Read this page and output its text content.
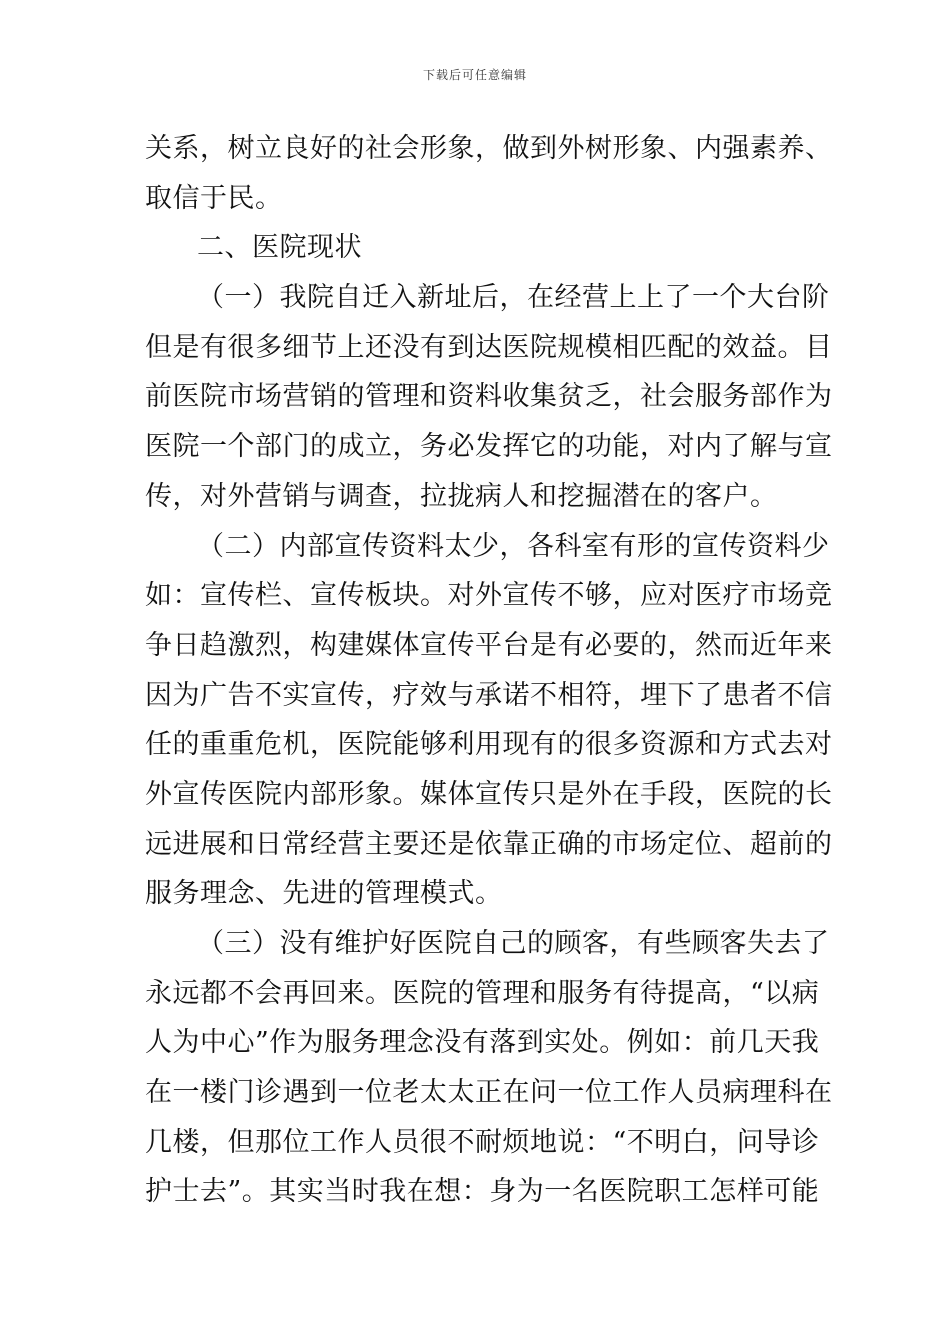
下载后可任意编辑
关系，树立良好的社会形象，做到外树形象、内强素养、
取信于民。
二、医院现状
（一）我院自迁入新址后，在经营上上了一个大台阶
但是有很多细节上还没有到达医院规模相匹配的效益。目
前医院市场营销的管理和资料收集贫乏，社会服务部作为
医院一个部门的成立，务必发挥它的功能，对内了解与宣
传，对外营销与调查，拉拢病人和挖掘潜在的客户。
（二）内部宣传资料太少，各科室有形的宣传资料少
如：宣传栏、宣传板块。对外宣传不够，应对医疗市场竞
争日趋激烈，构建媒体宣传平台是有必要的，然而近年来
因为广告不实宣传，疗效与承诺不相符，埋下了患者不信
任的重重危机，医院能够利用现有的很多资源和方式去对
外宣传医院内部形象。媒体宣传只是外在手段，医院的长
远进展和日常经营主要还是依靠正确的市场定位、超前的
服务理念、先进的管理模式。
（三）没有维护好医院自己的顾客，有些顾客失去了
永远都不会再回来。医院的管理和服务有待提高，“以病
人为中心”作为服务理念没有落到实处。例如：前几天我
在一楼门诊遇到一位老太太正在问一位工作人员病理科在
几楼，但那位工作人员很不耐烦地说：“不明白，问导诊
护士去”。其实当时我在想：身为一名医院职工怎样可能
